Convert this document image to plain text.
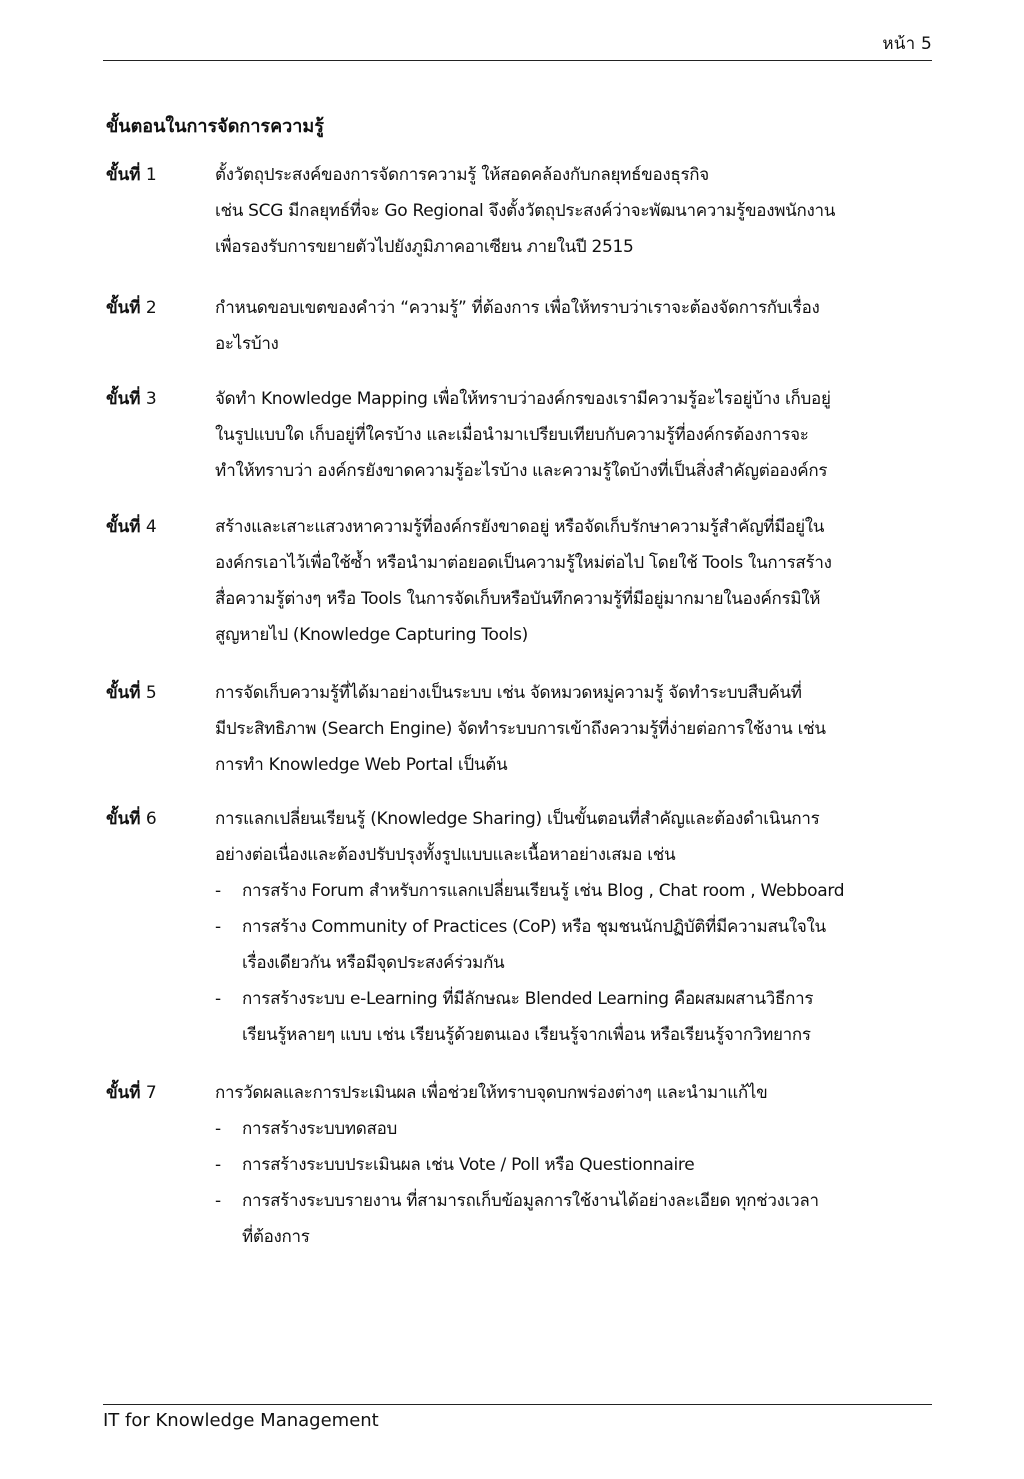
หน้า 5
ขั้นตอนในการจัดการความรู้
ขั้นที่ 1	ตั้งวัตถุประสงค์ของการจัดการความรู้ ให้สอดคล้องกับกลยุทธ์ของธุรกิจ
เช่น SCG มีกลยุทธ์ที่จะ Go Regional จึงตั้งวัตถุประสงค์ว่าจะพัฒนาความรู้ของพนักงาน
เพื่อรองรับการขยายตัวไปยังภูมิภาคอาเซียน ภายในปี 2515
ขั้นที่ 2	กำหนดขอบเขตของคำว่า “ความรู้” ที่ต้องการ เพื่อให้ทราบว่าเราจะต้องจัดการกับเรื่อง
อะไรบ้าง
ขั้นที่ 3	จัดทำ Knowledge Mapping เพื่อให้ทราบว่าองค์กรของเรามีความรู้อะไรอยู่บ้าง เก็บอยู่
ในรูปแบบใด เก็บอยู่ที่ใครบ้าง และเมื่อนำมาเปรียบเทียบกับความรู้ที่องค์กรต้องการจะ
ทำให้ทราบว่า องค์กรยังขาดความรู้อะไรบ้าง และความรู้ใดบ้างที่เป็นสิ่งสำคัญต่อองค์กร
ขั้นที่ 4	สร้างและเสาะแสวงหาความรู้ที่องค์กรยังขาดอยู่ หรือจัดเก็บรักษาความรู้สำคัญที่มีอยู่ใน
องค์กรเอาไว้เพื่อใช้ซ้ำ หรือนำมาต่อยอดเป็นความรู้ใหม่ต่อไป โดยใช้ Tools ในการสร้าง
สื่อความรู้ต่างๆ หรือ Tools ในการจัดเก็บหรือบันทึกความรู้ที่มีอยู่มากมายในองค์กรมิให้
สูญหายไป (Knowledge Capturing Tools)
ขั้นที่ 5	การจัดเก็บความรู้ที่ได้มาอย่างเป็นระบบ เช่น จัดหมวดหมู่ความรู้ จัดทำระบบสืบค้นที่
มีประสิทธิภาพ (Search Engine) จัดทำระบบการเข้าถึงความรู้ที่ง่ายต่อการใช้งาน เช่น
การทำ Knowledge Web Portal เป็นต้น
ขั้นที่ 6	การแลกเปลี่ยนเรียนรู้ (Knowledge Sharing) เป็นขั้นตอนที่สำคัญและต้องดำเนินการ
อย่างต่อเนื่องและต้องปรับปรุงทั้งรูปแบบและเนื้อหาอย่างเสมอ เช่น
-	การสร้าง Forum สำหรับการแลกเปลี่ยนเรียนรู้ เช่น Blog , Chat room , Webboard
-	การสร้าง Community of Practices (CoP) หรือ ชุมชนนักปฏิบัติที่มีความสนใจใน
เรื่องเดียวกัน หรือมีจุดประสงค์ร่วมกัน
-	การสร้างระบบ e-Learning ที่มีลักษณะ Blended Learning คือผสมผสานวิธีการ
เรียนรู้หลายๆ แบบ เช่น เรียนรู้ด้วยตนเอง เรียนรู้จากเพื่อน หรือเรียนรู้จากวิทยากร
ขั้นที่ 7	การวัดผลและการประเมินผล เพื่อช่วยให้ทราบจุดบกพร่องต่างๆ และนำมาแก้ไข
-	การสร้างระบบทดสอบ
-	การสร้างระบบประเมินผล เช่น Vote / Poll หรือ Questionnaire
-	การสร้างระบบรายงาน ที่สามารถเก็บข้อมูลการใช้งานได้อย่างละเอียด ทุกช่วงเวลา
ที่ต้องการ
IT for Knowledge Management
